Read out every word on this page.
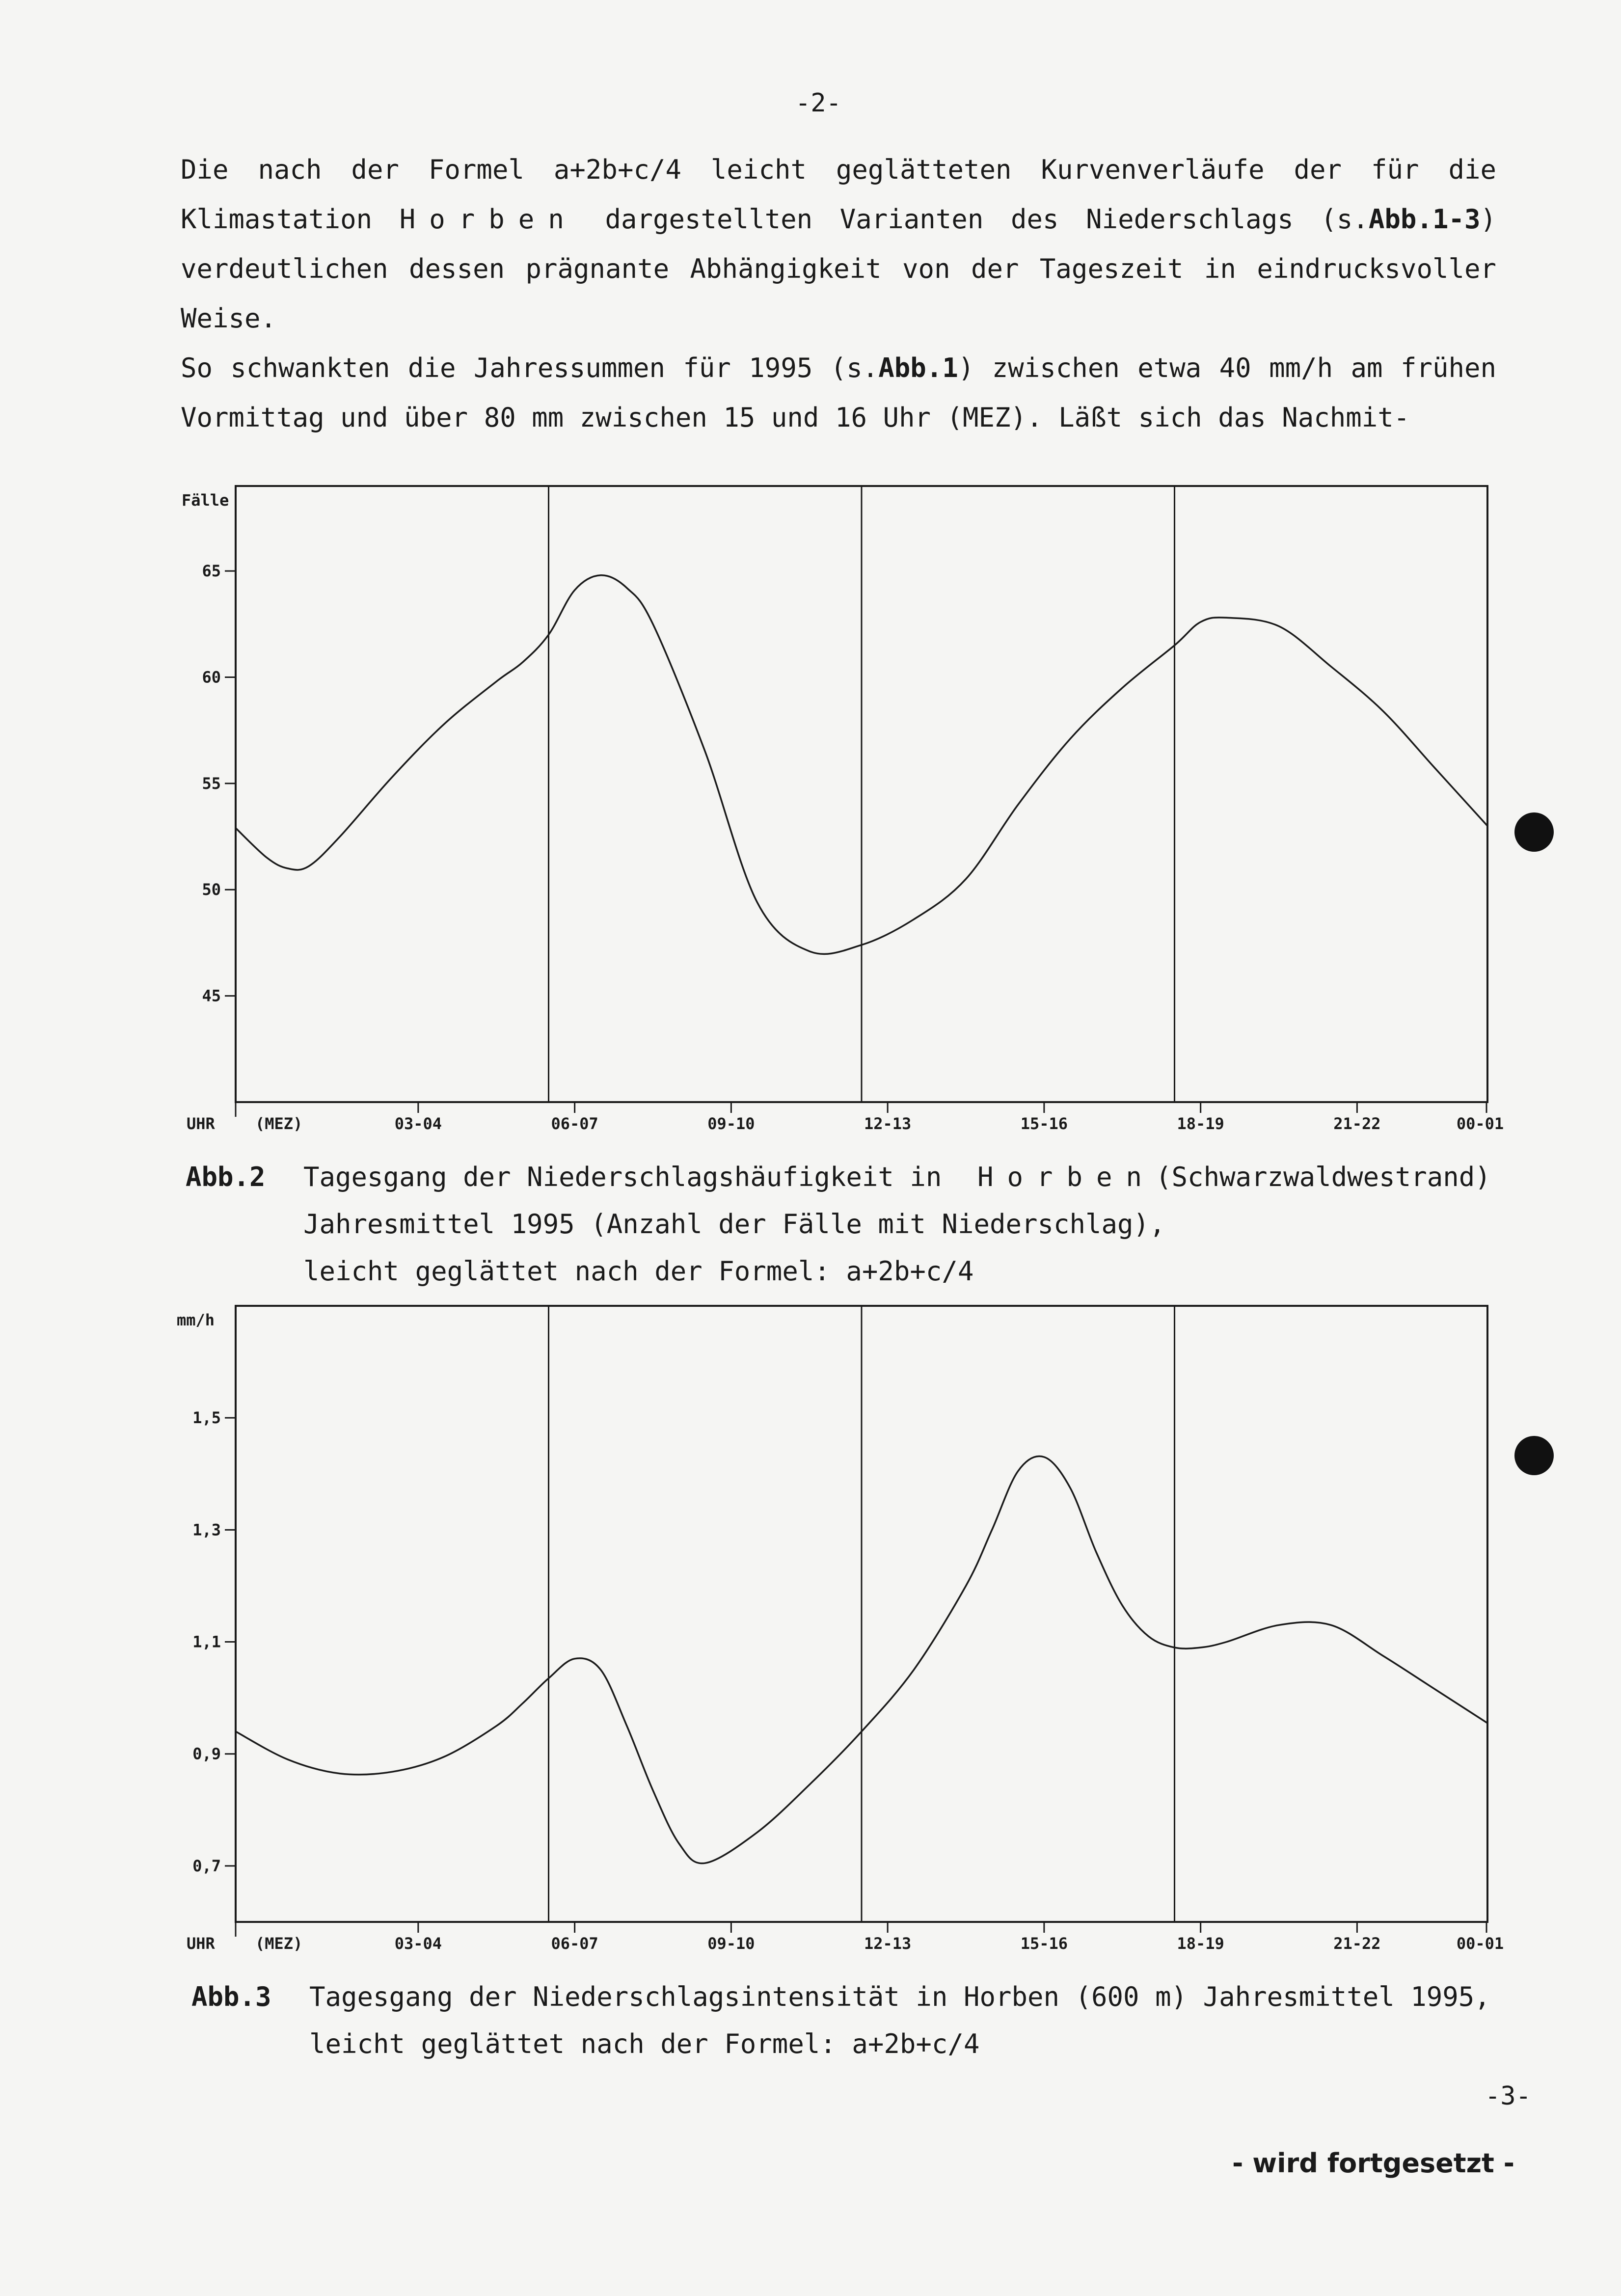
-2-

Die nach der Formel a+2b+c/4 leicht geglätteten Kurvenverläufe der für die Klimastation Horben dargestellten Varianten des Niederschlags (s.Abb.1-3) verdeutlichen dessen prägnante Abhängigkeit von der Tageszeit in eindrucksvoller Weise.

So schwankten die Jahressummen für 1995 (s.Abb.1) zwischen etwa 40 mm/h am frühen Vormittag und über 80 mm zwischen 15 und 16 Uhr (MEZ). Läßt sich das Nachmit-

Fälle
65
60
55
50
45
UHR	(MEZ)	03-04	06-07	09-10	12-13	15-16	18-19	21-22	00-01
Abb.2 Tagesgang der Niederschlagshäufigkeit in Horben(Schwarzwaldwestrand)
Jahresmittel 1995 (Anzahl der Fälle mit Niederschlag),
leicht geglättet nach der Formel: a+2b+c/4
mm/h
1,5
1,3
1,1
0,9
0,7
UHR	(MEZ)	03-04	06-07	09-10	12-13	15-16	18-19	21-22	00-01
Abb.3 Tagesgang der Niederschlagsintensität in Horben (600 m) Jahresmittel 1995,
leicht geglättet nach der Formel: a+2b+c/4
-3-
- wird fortgesetzt -
